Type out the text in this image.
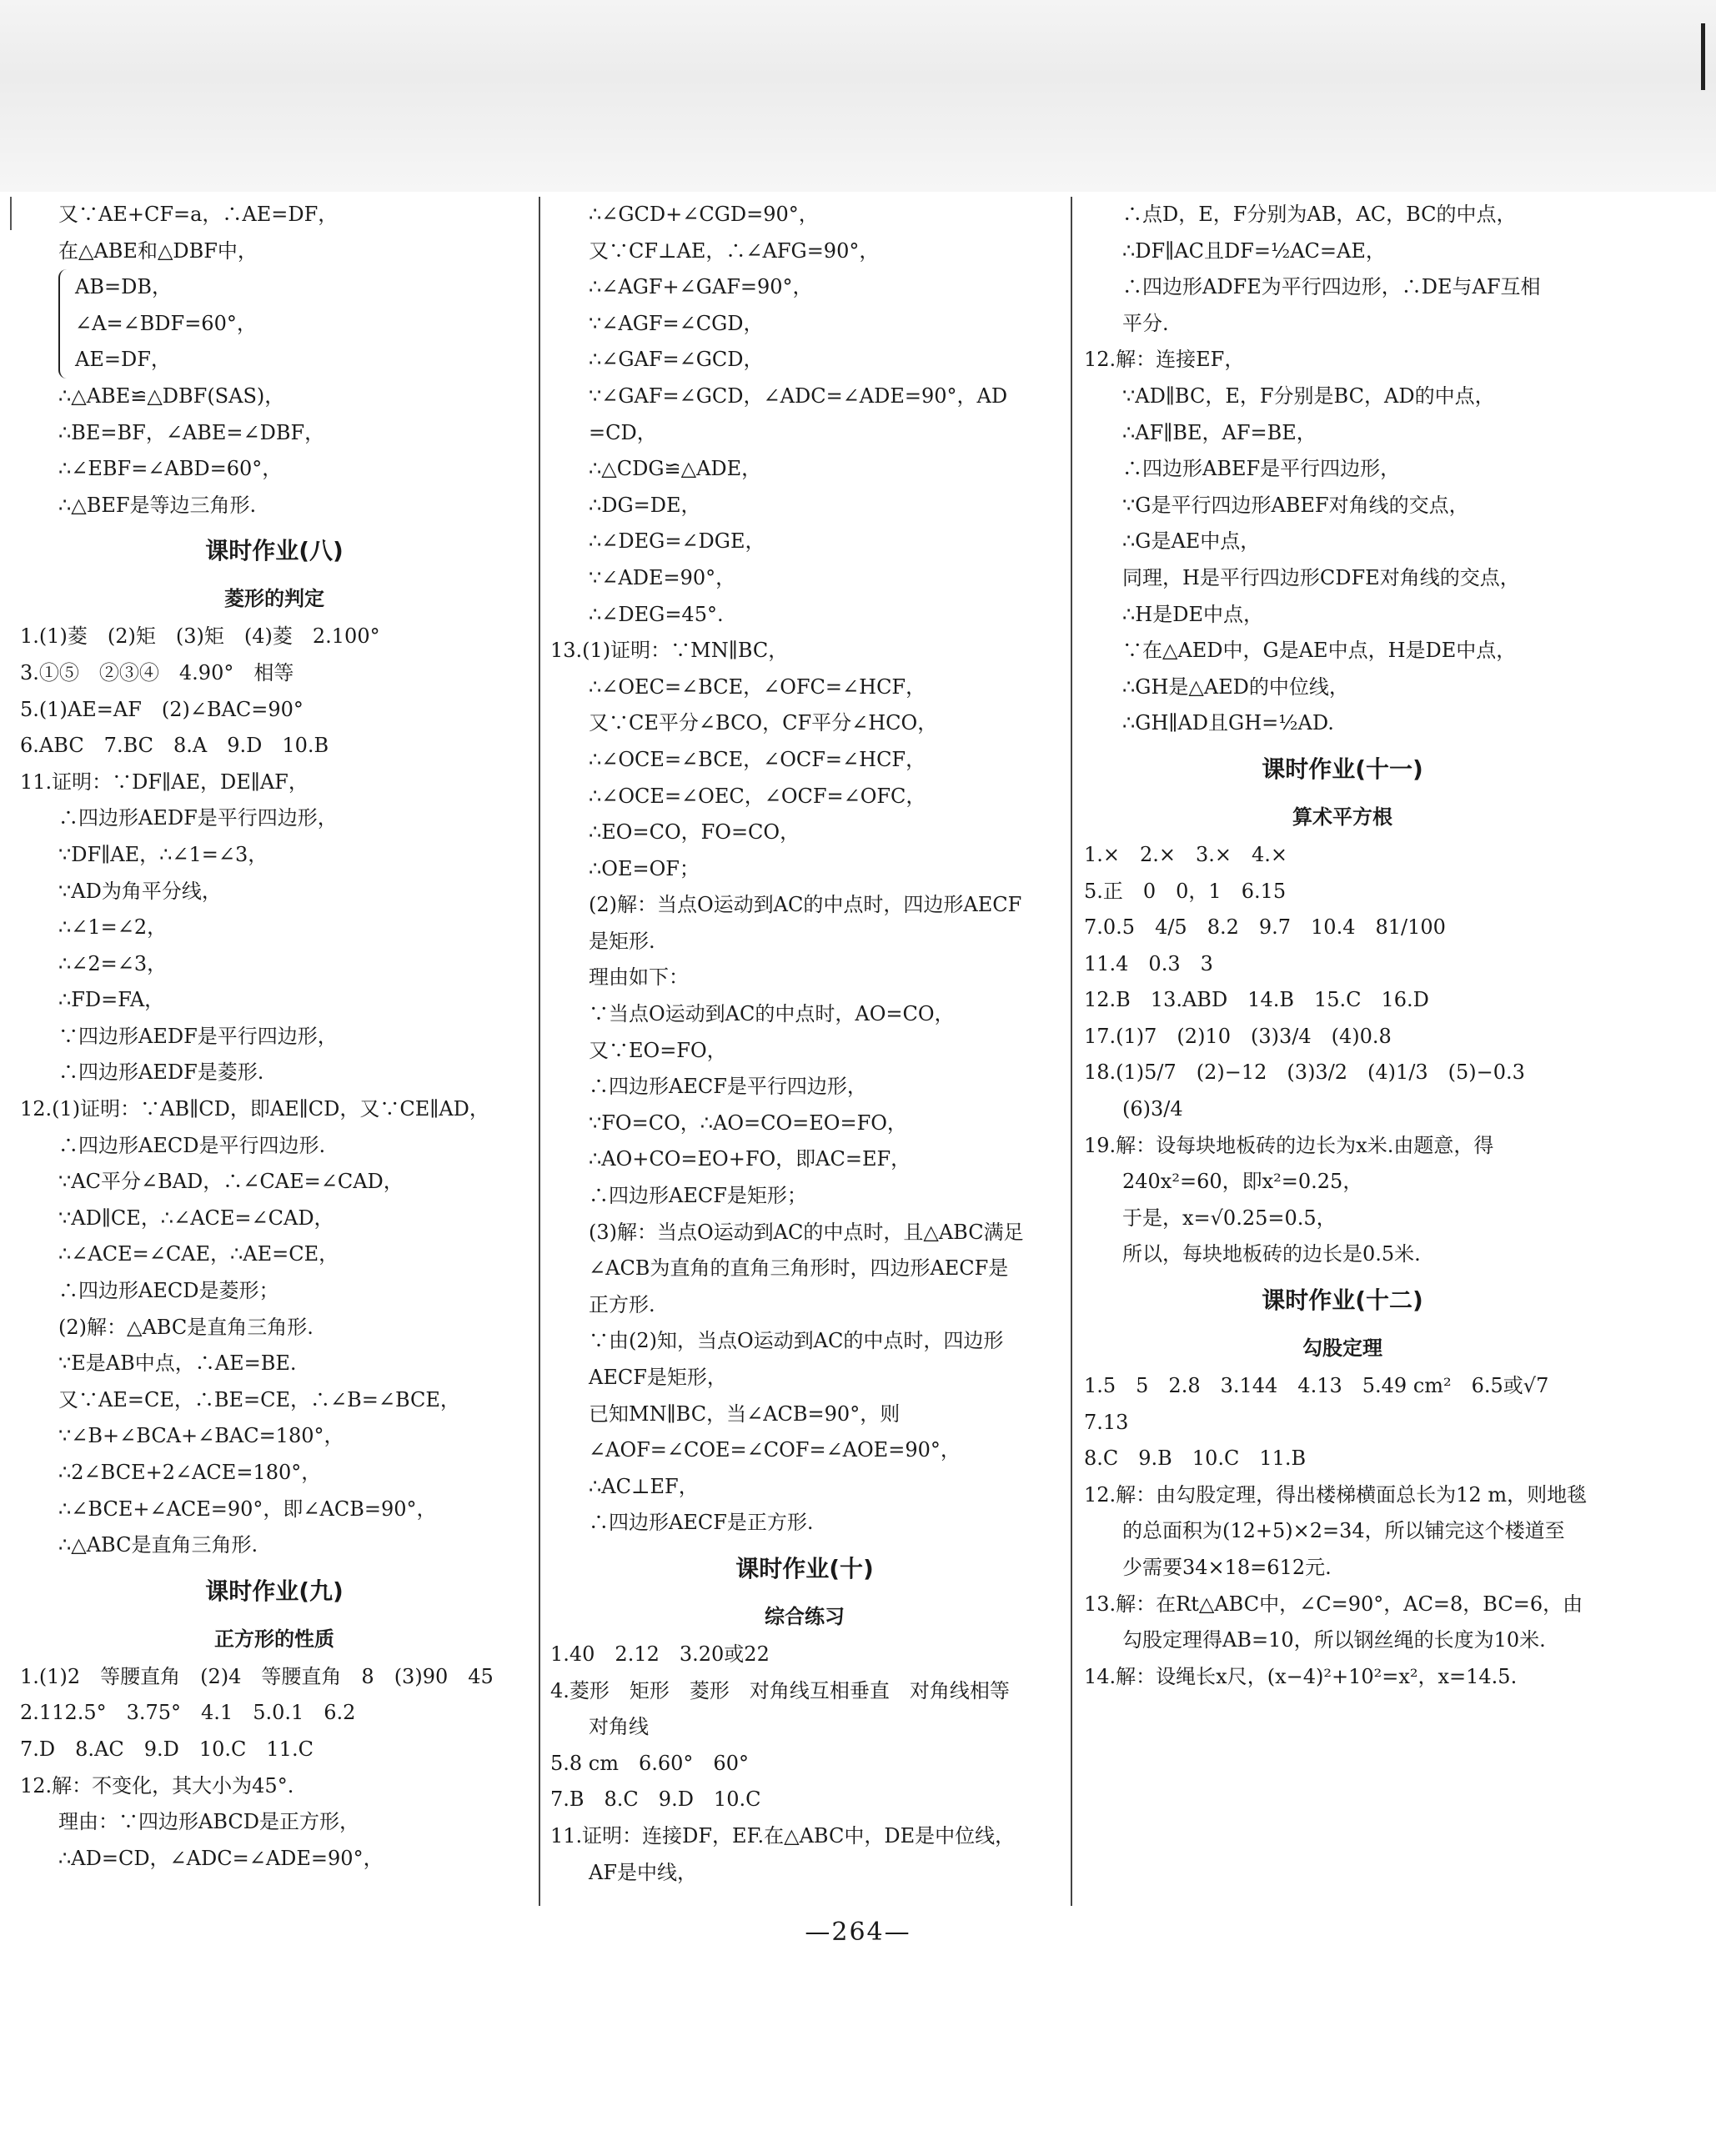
又∵AE+CF=a，∴AE=DF，
在△ABE和△DBF中，
AB=DB，
∠A=∠BDF=60°，
AE=DF，
∴△ABE≌△DBF(SAS)，
∴BE=BF，∠ABE=∠DBF，
∴∠EBF=∠ABD=60°，
∴△BEF是等边三角形.
课时作业(八)
菱形的判定
1.(1)菱　(2)矩　(3)矩　(4)菱　2.100°
3.①⑤　②③④　4.90°　相等
5.(1)AE=AF　(2)∠BAC=90°
6.ABC　7.BC　8.A　9.D　10.B
11.证明：∵DF∥AE，DE∥AF，
∴四边形AEDF是平行四边形，
∵DF∥AE，∴∠1=∠3，
∵AD为角平分线，
∴∠1=∠2，
∴∠2=∠3，
∴FD=FA，
∵四边形AEDF是平行四边形，
∴四边形AEDF是菱形.
12.(1)证明：∵AB∥CD，即AE∥CD，又∵CE∥AD，
∴四边形AECD是平行四边形.
∵AC平分∠BAD，∴∠CAE=∠CAD，
∵AD∥CE，∴∠ACE=∠CAD，
∴∠ACE=∠CAE，∴AE=CE，
∴四边形AECD是菱形；
(2)解：△ABC是直角三角形.
∵E是AB中点，∴AE=BE.
又∵AE=CE，∴BE=CE，∴∠B=∠BCE，
∵∠B+∠BCA+∠BAC=180°，
∴2∠BCE+2∠ACE=180°，
∴∠BCE+∠ACE=90°，即∠ACB=90°，
∴△ABC是直角三角形.
课时作业(九)
正方形的性质
1.(1)2　等腰直角　(2)4　等腰直角　8　(3)90　45
2.112.5°　3.75°　4.1　5.0.1　6.2
7.D　8.AC　9.D　10.C　11.C
12.解：不变化，其大小为45°.
理由：∵四边形ABCD是正方形，
∴AD=CD，∠ADC=∠ADE=90°，
∴∠GCD+∠CGD=90°，
又∵CF⊥AE，∴∠AFG=90°，
∴∠AGF+∠GAF=90°，
∵∠AGF=∠CGD，
∴∠GAF=∠GCD，
∵∠GAF=∠GCD，∠ADC=∠ADE=90°，AD
=CD，
∴△CDG≌△ADE，
∴DG=DE，
∴∠DEG=∠DGE，
∵∠ADE=90°，
∴∠DEG=45°.
13.(1)证明：∵MN∥BC，
∴∠OEC=∠BCE，∠OFC=∠HCF，
又∵CE平分∠BCO，CF平分∠HCO，
∴∠OCE=∠BCE，∠OCF=∠HCF，
∴∠OCE=∠OEC，∠OCF=∠OFC，
∴EO=CO，FO=CO，
∴OE=OF；
(2)解：当点O运动到AC的中点时，四边形AECF
是矩形.
理由如下：
∵当点O运动到AC的中点时，AO=CO，
又∵EO=FO，
∴四边形AECF是平行四边形，
∵FO=CO，∴AO=CO=EO=FO，
∴AO+CO=EO+FO，即AC=EF，
∴四边形AECF是矩形；
(3)解：当点O运动到AC的中点时，且△ABC满足
∠ACB为直角的直角三角形时，四边形AECF是
正方形.
∵由(2)知，当点O运动到AC的中点时，四边形
AECF是矩形，
已知MN∥BC，当∠ACB=90°，则
∠AOF=∠COE=∠COF=∠AOE=90°，
∴AC⊥EF，
∴四边形AECF是正方形.
课时作业(十)
综合练习
1.40　2.12　3.20或22
4.菱形　矩形　菱形　对角线互相垂直　对角线相等
对角线
5.8 cm　6.60°　60°
7.B　8.C　9.D　10.C
11.证明：连接DF，EF.在△ABC中，DE是中位线，
AF是中线，
∴点D，E，F分别为AB，AC，BC的中点，
∴DF∥AC且DF=½AC=AE，
∴四边形ADFE为平行四边形，∴DE与AF互相
平分.
12.解：连接EF，
∵AD∥BC，E，F分别是BC，AD的中点，
∴AF∥BE，AF=BE，
∴四边形ABEF是平行四边形，
∵G是平行四边形ABEF对角线的交点，
∴G是AE中点，
同理，H是平行四边形CDFE对角线的交点，
∴H是DE中点，
∵在△AED中，G是AE中点，H是DE中点，
∴GH是△AED的中位线，
∴GH∥AD且GH=½AD.
课时作业(十一)
算术平方根
1.×　2.×　3.×　4.×
5.正　0　0，1　6.15
7.0.5　4/5　8.2　9.7　10.4　81/100
11.4　0.3　3
12.B　13.ABD　14.B　15.C　16.D
17.(1)7　(2)10　(3)3/4　(4)0.8
18.(1)5/7　(2)−12　(3)3/2　(4)1/3　(5)−0.3
(6)3/4
19.解：设每块地板砖的边长为x米.由题意，得
240x²=60，即x²=0.25，
于是，x=√0.25=0.5，
所以，每块地板砖的边长是0.5米.
课时作业(十二)
勾股定理
1.5　5　2.8　3.144　4.13　5.49 cm²　6.5或√7
7.13
8.C　9.B　10.C　11.B
12.解：由勾股定理，得出楼梯横面总长为12 m，则地毯
的总面积为(12+5)×2=34，所以铺完这个楼道至
少需要34×18=612元.
13.解：在Rt△ABC中，∠C=90°，AC=8，BC=6，由
勾股定理得AB=10，所以钢丝绳的长度为10米.
14.解：设绳长x尺，(x−4)²+10²=x²，x=14.5.
—264—
